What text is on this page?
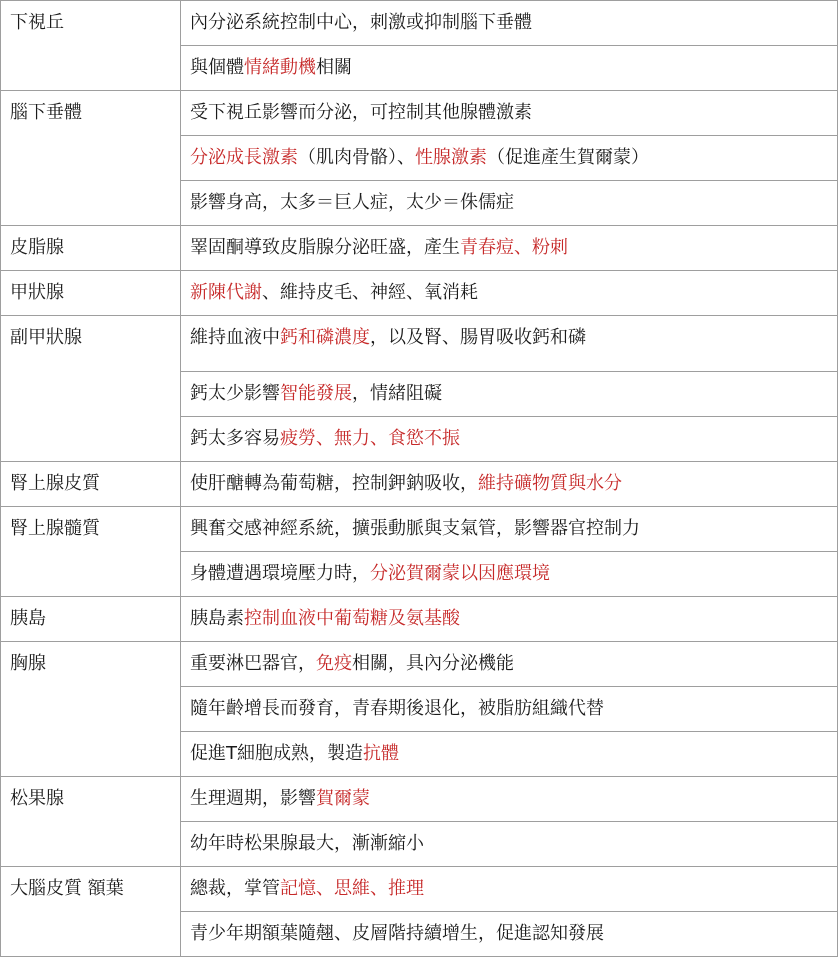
下視丘	內分泌系統控制中心，刺激或抑制腦下垂體
	與個體情緒動機相關
腦下垂體	受下視丘影響而分泌，可控制其他腺體激素
	分泌成長激素（肌肉骨骼）、性腺激素（促進產生賀爾蒙）
	影響身高，太多＝巨人症，太少＝侏儒症
皮脂腺	睪固酮導致皮脂腺分泌旺盛，產生青春痘、粉刺
甲狀腺	新陳代謝、維持皮毛、神經、氧消耗
副甲狀腺	維持血液中鈣和磷濃度，以及腎、腸胃吸收鈣和磷
	鈣太少影響智能發展，情緒阻礙
	鈣太多容易疲勞、無力、食慾不振
腎上腺皮質	使肝醣轉為葡萄糖，控制鉀鈉吸收，維持礦物質與水分
腎上腺髓質	興奮交感神經系統，擴張動脈與支氣管，影響器官控制力
	身體遭遇環境壓力時，分泌賀爾蒙以因應環境
胰島	胰島素控制血液中葡萄糖及氨基酸
胸腺	重要淋巴器官，免疫相關，具內分泌機能
	隨年齡增長而發育，青春期後退化，被脂肪組織代替
	促進T細胞成熟，製造抗體
松果腺	生理週期，影響賀爾蒙
	幼年時松果腺最大，漸漸縮小
大腦皮質 額葉	總裁，掌管記憶、思維、推理
	青少年期額葉隨翹、皮層階持續增生，促進認知發展
